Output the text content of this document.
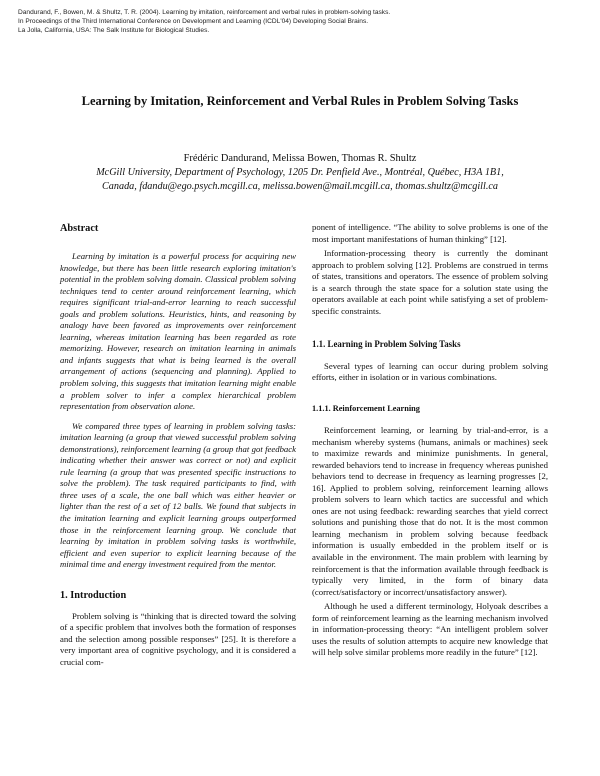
Dandurand, F., Bowen, M. & Shultz, T. R. (2004). Learning by imitation, reinforcement and verbal rules in problem-solving tasks.
In Proceedings of the Third International Conference on Development and Learning (ICDL'04) Developing Social Brains.
La Jolla, California, USA: The Salk Institute for Biological Studies.
Learning by Imitation, Reinforcement and Verbal Rules in Problem Solving Tasks
Frédéric Dandurand, Melissa Bowen, Thomas R. Shultz
McGill University, Department of Psychology, 1205 Dr. Penfield Ave., Montréal, Québec, H3A 1B1,
Canada, fdandu@ego.psych.mcgill.ca, melissa.bowen@mail.mcgill.ca, thomas.shultz@mcgill.ca
Abstract

Learning by imitation is a powerful process for acquiring new knowledge, but there has been little research exploring imitation's potential in the problem solving domain. Classical problem solving techniques tend to center around reinforcement learning, which requires significant trial-and-error learning to reach successful goals and problem solutions. Heuristics, hints, and reasoning by analogy have been favored as improvements over reinforcement learning, whereas imitation learning has been regarded as rote memorizing. However, research on imitation learning in animals and infants suggests that what is being learned is the overall arrangement of actions (sequencing and planning). Applied to problem solving, this suggests that imitation learning might enable a problem solver to infer a complex hierarchical problem representation from observation alone.

We compared three types of learning in problem solving tasks: imitation learning (a group that viewed successful problem solving demonstrations), reinforcement learning (a group that got feedback indicating whether their answer was correct or not) and explicit rule learning (a group that was presented specific instructions to solve the problem). The task required participants to find, with three uses of a scale, the one ball which was either heavier or lighter than the rest of a set of 12 balls. We found that subjects in the imitation learning and explicit learning groups outperformed those in the reinforcement learning group. We conclude that learning by imitation in problem solving tasks is worthwhile, efficient and even superior to explicit learning because of the minimal time and energy investment required from the mentor.

1. Introduction

Problem solving is “thinking that is directed toward the solving of a specific problem that involves both the formation of responses and the selection among possible responses” [25]. It is therefore a very important area of cognitive psychology, and it is considered a crucial com-

ponent of intelligence. “The ability to solve problems is one of the most important manifestations of human thinking” [12].

Information-processing theory is currently the dominant approach to problem solving [12]. Problems are construed in terms of states, transitions and operators. The essence of problem solving is a search through the state space for a solution state using the operators available at each point while satisfying a set of problem-specific constraints.

1.1. Learning in Problem Solving Tasks

Several types of learning can occur during problem solving efforts, either in isolation or in various combinations.

1.1.1. Reinforcement Learning

Reinforcement learning, or learning by trial-and-error, is a mechanism whereby systems (humans, animals or machines) seek to maximize rewards and minimize punishments. In general, rewarded behaviors tend to increase in frequency whereas punished behaviors tend to decrease in frequency as learning progresses [2, 16]. Applied to problem solving, reinforcement learning allows problem solvers to learn which tactics are successful and which ones are not using feedback: rewarding searches that yield correct solutions and punishing those that do not. It is the most common learning mechanism in problem solving because feedback information is usually embedded in the problem itself or is available in the environment. The main problem with learning by reinforcement is that the information available through feedback is typically very limited, in the form of binary data (correct/satisfactory or incorrect/unsatisfactory answer).

Although he used a different terminology, Holyoak describes a form of reinforcement learning as the learning mechanism involved in information-processing theory: “An intelligent problem solver uses the results of solution attempts to acquire new knowledge that will help solve similar problems more readily in the future” [12].
